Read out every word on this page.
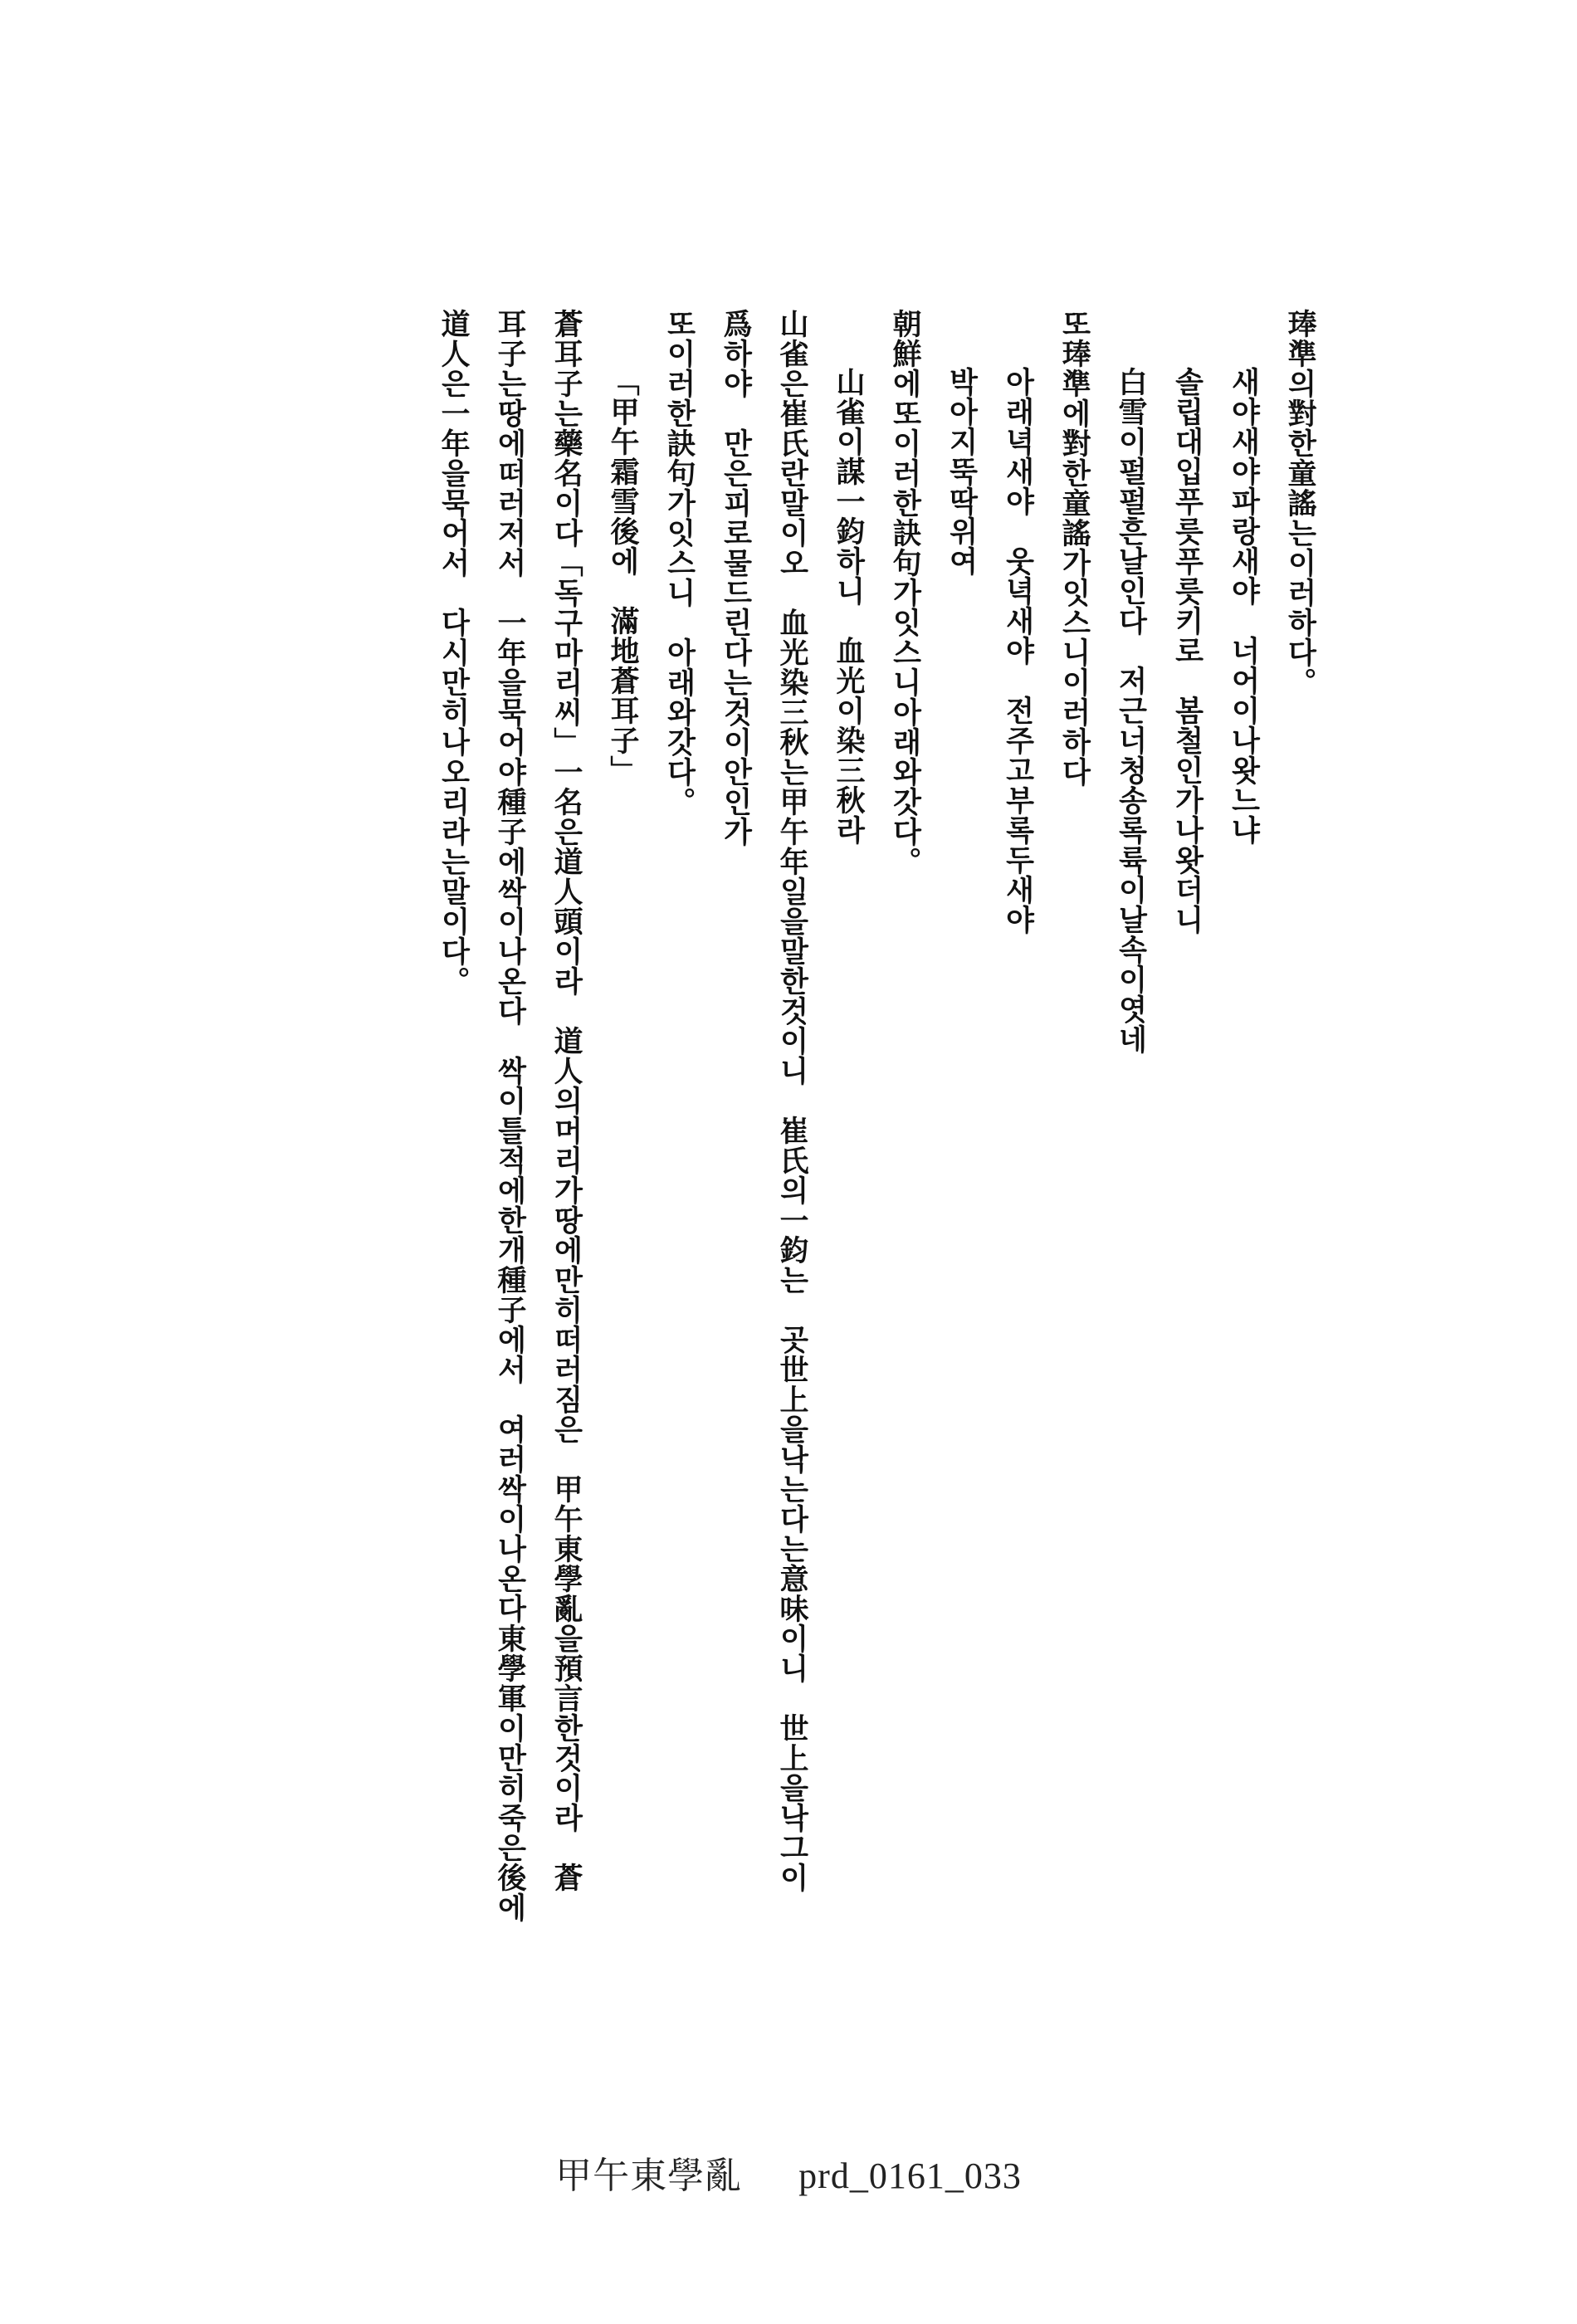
琫準의對한童謠는이러하다。
새야새야파랑새야　너어이나왓느냐
솔립대입푸릇푸릇키로　봄철인가나왓더니
白雪이펄펄흔날인다　저근너청송록륙이날속이엿네
또琫準에對한童謠가잇스니이러하다
아래녁새야　웃녁새야　전주고부록두새야
박아지뚝딱위여
朝鮮에또이러한訣句가잇스니아래와갓다。
山雀이謀一鈞하니　血光이染三秋라
山雀은崔氏란말이오　血光染三秋는甲午年일을말한것이니　崔氏의一鈞는　곳世上을낙는다는意味이니　世上을낙그이
爲하야　만은피로물드린다는것이안인가
또이러한訣句가잇스니　아래와갓다。
「甲午霜雪後에　滿地蒼耳子」
蒼耳子는藥名이다「독구마리씨」一名은道人頭이라　道人의머리가땅에만히떠러짐은　甲午東學亂을預言한것이라　蒼
耳子는땅에떠러저서　一年을묵어야種子에싹이나온다　싹이틀적에한개種子에서　여러싹이나온다東學軍이만히죽은後에
道人은一年을묵어서　다시만히나오리라는말이다。
甲午東學亂 prd_0161_033
